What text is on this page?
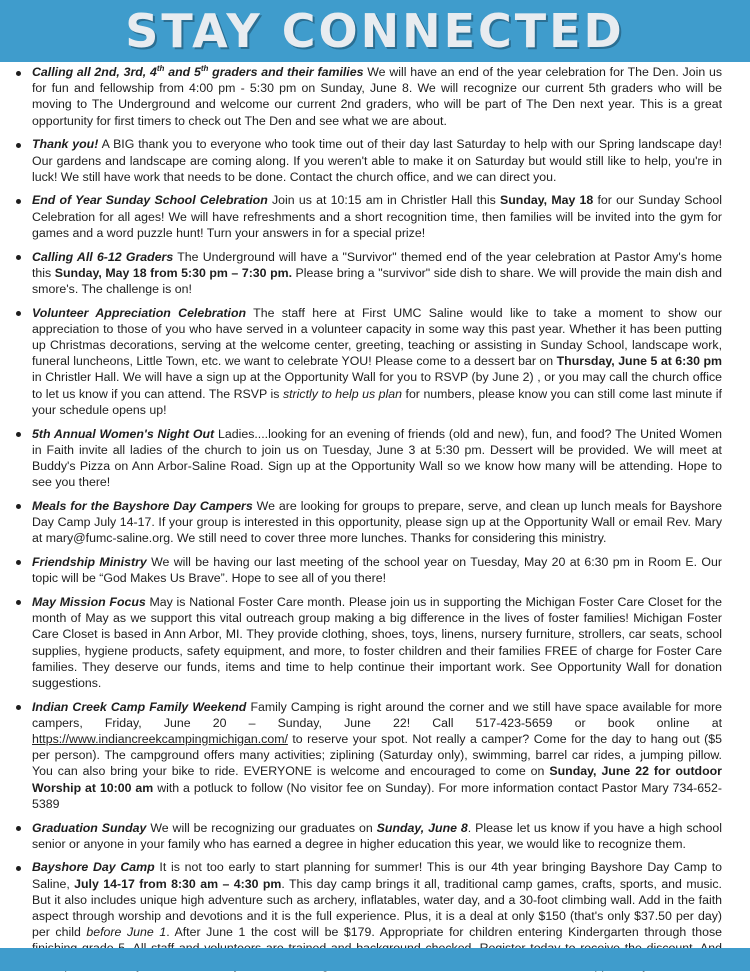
STAY CONNECTED
Calling all 2nd, 3rd, 4th and 5th graders and their families We will have an end of the year celebration for The Den. Join us for fun and fellowship from 4:00 pm - 5:30 pm on Sunday, June 8. We will recognize our current 5th graders who will be moving to The Underground and welcome our current 2nd graders, who will be part of The Den next year. This is a great opportunity for first timers to check out The Den and see what we are about.
Thank you! A BIG thank you to everyone who took time out of their day last Saturday to help with our Spring landscape day! Our gardens and landscape are coming along. If you weren't able to make it on Saturday but would still like to help, you're in luck! We still have work that needs to be done. Contact the church office, and we can direct you.
End of Year Sunday School Celebration Join us at 10:15 am in Christler Hall this Sunday, May 18 for our Sunday School Celebration for all ages! We will have refreshments and a short recognition time, then families will be invited into the gym for games and a word puzzle hunt! Turn your answers in for a special prize!
Calling All 6-12 Graders The Underground will have a "Survivor" themed end of the year celebration at Pastor Amy's home this Sunday, May 18 from 5:30 pm – 7:30 pm. Please bring a "survivor" side dish to share. We will provide the main dish and smore's. The challenge is on!
Volunteer Appreciation Celebration The staff here at First UMC Saline would like to take a moment to show our appreciation to those of you who have served in a volunteer capacity in some way this past year. Whether it has been putting up Christmas decorations, serving at the welcome center, greeting, teaching or assisting in Sunday School, landscape work, funeral luncheons, Little Town, etc. we want to celebrate YOU! Please come to a dessert bar on Thursday, June 5 at 6:30 pm in Christler Hall. We will have a sign up at the Opportunity Wall for you to RSVP (by June 2) , or you may call the church office to let us know if you can attend. The RSVP is strictly to help us plan for numbers, please know you can still come last minute if your schedule opens up!
5th Annual Women's Night Out Ladies....looking for an evening of friends (old and new), fun, and food? The United Women in Faith invite all ladies of the church to join us on Tuesday, June 3 at 5:30 pm. Dessert will be provided. We will meet at Buddy's Pizza on Ann Arbor-Saline Road. Sign up at the Opportunity Wall so we know how many will be attending. Hope to see you there!
Meals for the Bayshore Day Campers We are looking for groups to prepare, serve, and clean up lunch meals for Bayshore Day Camp July 14-17. If your group is interested in this opportunity, please sign up at the Opportunity Wall or email Rev. Mary at mary@fumc-saline.org. We still need to cover three more lunches. Thanks for considering this ministry.
Friendship Ministry We will be having our last meeting of the school year on Tuesday, May 20 at 6:30 pm in Room E. Our topic will be “God Makes Us Brave”. Hope to see all of you there!
May Mission Focus May is National Foster Care month. Please join us in supporting the Michigan Foster Care Closet for the month of May as we support this vital outreach group making a big difference in the lives of foster families! Michigan Foster Care Closet is based in Ann Arbor, MI. They provide clothing, shoes, toys, linens, nursery furniture, strollers, car seats, school supplies, hygiene products, safety equipment, and more, to foster children and their families FREE of charge for Foster Care families. They deserve our funds, items and time to help continue their important work. See Opportunity Wall for donation suggestions.
Indian Creek Camp Family Weekend Family Camping is right around the corner and we still have space available for more campers, Friday, June 20 – Sunday, June 22! Call 517-423-5659 or book online at https://www.indiancreekcampingmichigan.com/ to reserve your spot. Not really a camper? Come for the day to hang out ($5 per person). The campground offers many activities; ziplining (Saturday only), swimming, barrel car rides, a jumping pillow. You can also bring your bike to ride. EVERYONE is welcome and encouraged to come on Sunday, June 22 for outdoor Worship at 10:00 am with a potluck to follow (No visitor fee on Sunday). For more information contact Pastor Mary 734-652-5389
Graduation Sunday We will be recognizing our graduates on Sunday, June 8. Please let us know if you have a high school senior or anyone in your family who has earned a degree in higher education this year, we would like to recognize them.
Bayshore Day Camp It is not too early to start planning for summer! This is our 4th year bringing Bayshore Day Camp to Saline, July 14-17 from 8:30 am – 4:30 pm. This day camp brings it all, traditional camp games, crafts, sports, and music. But it also includes unique high adventure such as archery, inflatables, water day, and a 30-foot climbing wall. Add in the faith aspect through worship and devotions and it is the full experience. Plus, it is a deal at only $150 (that's only $37.50 per day) per child before June 1. After June 1 the cost will be $179. Appropriate for children entering Kindergarten through those
